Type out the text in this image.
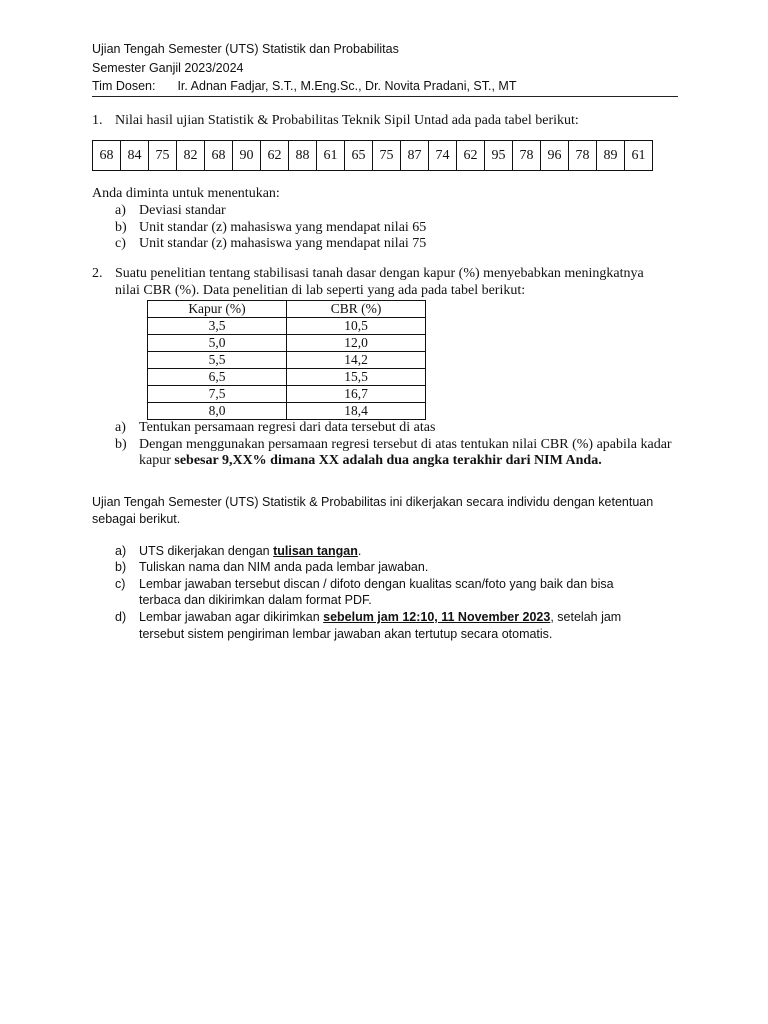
Ujian Tengah Semester (UTS) Statistik dan Probabilitas
Semester Ganjil 2023/2024
Tim Dosen: Ir. Adnan Fadjar, S.T., M.Eng.Sc., Dr. Novita Pradani, ST., MT
1. Nilai hasil ujian Statistik & Probabilitas Teknik Sipil Untad ada pada tabel berikut:
68	84	75	82	68	90	62	88	61	65	75	87	74	62	95	78	96	78	89	61
Anda diminta untuk menentukan:
a) Deviasi standar
b) Unit standar (z) mahasiswa yang mendapat nilai 65
c) Unit standar (z) mahasiswa yang mendapat nilai 75
2. Suatu penelitian tentang stabilisasi tanah dasar dengan kapur (%) menyebabkan meningkatnya
nilai CBR (%). Data penelitian di lab seperti yang ada pada tabel berikut:
Kapur (%)	CBR (%)
3,5	10,5
5,0	12,0
5,5	14,2
6,5	15,5
7,5	16,7
8,0	18,4
a) Tentukan persamaan regresi dari data tersebut di atas
b) Dengan menggunakan persamaan regresi tersebut di atas tentukan nilai CBR (%) apabila kadar
kapur sebesar 9,XX% dimana XX adalah dua angka terakhir dari NIM Anda.
Ujian Tengah Semester (UTS) Statistik & Probabilitas ini dikerjakan secara individu dengan ketentuan
sebagai berikut.
a) UTS dikerjakan dengan tulisan tangan.
b) Tuliskan nama dan NIM anda pada lembar jawaban.
c) Lembar jawaban tersebut discan / difoto dengan kualitas scan/foto yang baik dan bisa
terbaca dan dikirimkan dalam format PDF.
d) Lembar jawaban agar dikirimkan sebelum jam 12:10, 11 November 2023, setelah jam
tersebut sistem pengiriman lembar jawaban akan tertutup secara otomatis.
